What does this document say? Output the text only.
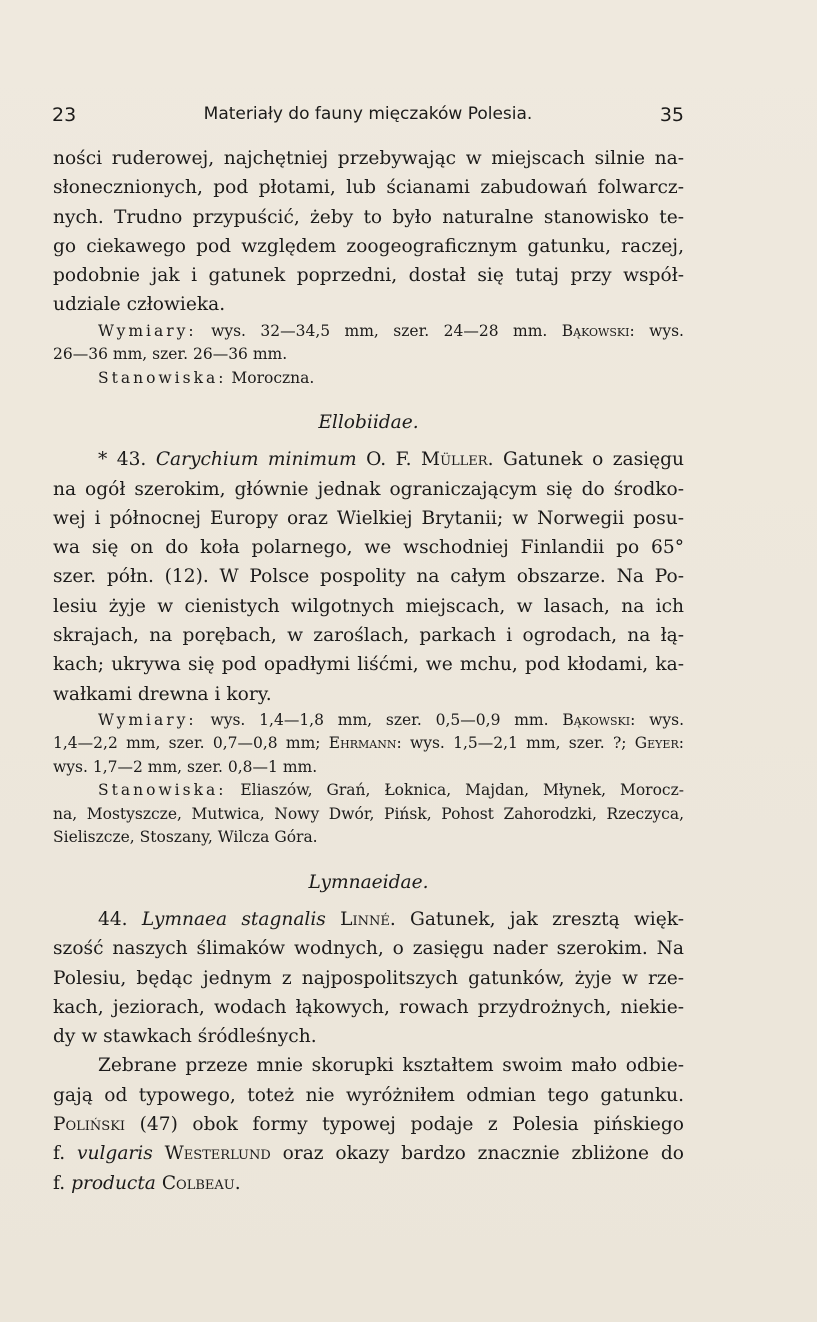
23	Materiały do fauny mięczaków Polesia.	35
ności ruderowej, najchętniej przebywając w miejscach silnie na-
słonecznionych, pod płotami, lub ścianami zabudowań folwarcz-
nych. Trudno przypuścić, żeby to było naturalne stanowisko te-
go ciekawego pod względem zoogeograficznym gatunku, raczej,
podobnie jak i gatunek poprzedni, dostał się tutaj przy współ-
udziale człowieka.
Wymiary: wys. 32—34,5 mm, szer. 24—28 mm. Bąkowski: wys.
26—36 mm, szer. 26—36 mm.
Stanowiska: Moroczna.
Ellobiidae.
* 43. Carychium minimum O. F. Müller. Gatunek o zasięgu
na ogół szerokim, głównie jednak ograniczającym się do środko-
wej i północnej Europy oraz Wielkiej Brytanii; w Norwegii posu-
wa się on do koła polarnego, we wschodniej Finlandii po 65°
szer. półn. (12). W Polsce pospolity na całym obszarze. Na Po-
lesiu żyje w cienistych wilgotnych miejscach, w lasach, na ich
skrajach, na porębach, w zaroślach, parkach i ogrodach, na łą-
kach; ukrywa się pod opadłymi liśćmi, we mchu, pod kłodami, ka-
wałkami drewna i kory.
Wymiary: wys. 1,4—1,8 mm, szer. 0,5—0,9 mm. Bąkowski: wys.
1,4—2,2 mm, szer. 0,7—0,8 mm; Ehrmann: wys. 1,5—2,1 mm, szer. ?; Geyer:
wys. 1,7—2 mm, szer. 0,8—1 mm.
Stanowiska: Eliaszów, Grań, Łoknica, Majdan, Młynek, Morocz-
na, Mostyszcze, Mutwica, Nowy Dwór, Pińsk, Pohost Zahorodzki, Rzeczyca,
Sieliszcze, Stoszany, Wilcza Góra.
Lymnaeidae.
44. Lymnaea stagnalis Linné. Gatunek, jak zresztą więk-
szość naszych ślimaków wodnych, o zasięgu nader szerokim. Na
Polesiu, będąc jednym z najpospolitszych gatunków, żyje w rze-
kach, jeziorach, wodach łąkowych, rowach przydrożnych, niekie-
dy w stawkach śródleśnych.
Zebrane przeze mnie skorupki kształtem swoim mało odbie-
gają od typowego, toteż nie wyróżniłem odmian tego gatunku.
Poliński (47) obok formy typowej podaje z Polesia pińskiego
f. vulgaris Westerlund oraz okazy bardzo znacznie zbliżone do
f. producta Colbeau.
